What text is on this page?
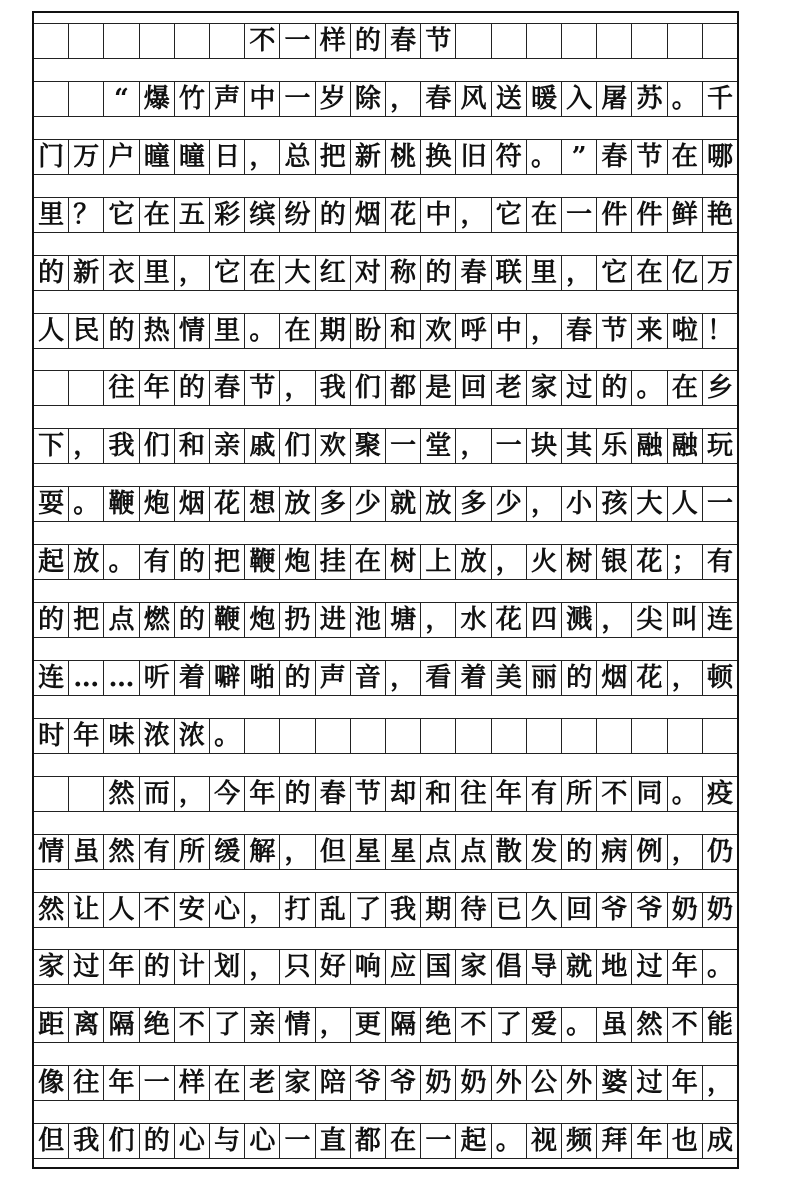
不 一 样 的 春 节
“ 爆 竹 声 中 一 岁 除 ， 春 风 送 暖 入 屠 苏 。 千
门 万 户 曈 曈 日 ， 总 把 新 桃 换 旧 符 。 ” 春 节 在 哪
里 ？ 它 在 五 彩 缤 纷 的 烟 花 中 ， 它 在 一 件 件 鲜 艳
的 新 衣 里 ， 它 在 大 红 对 称 的 春 联 里 ， 它 在 亿 万
人 民 的 热 情 里 。 在 期 盼 和 欢 呼 中 ， 春 节 来 啦 ！
往 年 的 春 节 ， 我 们 都 是 回 老 家 过 的 。 在 乡
下 ， 我 们 和 亲 戚 们 欢 聚 一 堂 ， 一 块 其 乐 融 融 玩
耍 。 鞭 炮 烟 花 想 放 多 少 就 放 多 少 ， 小 孩 大 人 一
起 放 。 有 的 把 鞭 炮 挂 在 树 上 放 ， 火 树 银 花 ； 有
的 把 点 燃 的 鞭 炮 扔 进 池 塘 ， 水 花 四 溅 ， 尖 叫 连
连 … … 听 着 噼 啪 的 声 音 ， 看 着 美 丽 的 烟 花 ， 顿
时 年 味 浓 浓 。
然 而 ， 今 年 的 春 节 却 和 往 年 有 所 不 同 。 疫
情 虽 然 有 所 缓 解 ， 但 星 星 点 点 散 发 的 病 例 ， 仍
然 让 人 不 安 心 ， 打 乱 了 我 期 待 已 久 回 爷 爷 奶 奶
家 过 年 的 计 划 ， 只 好 响 应 国 家 倡 导 就 地 过 年 。
距 离 隔 绝 不 了 亲 情 ， 更 隔 绝 不 了 爱 。 虽 然 不 能
像 往 年 一 样 在 老 家 陪 爷 爷 奶 奶 外 公 外 婆 过 年 ，
但 我 们 的 心 与 心 一 直 都 在 一 起 。 视 频 拜 年 也 成
